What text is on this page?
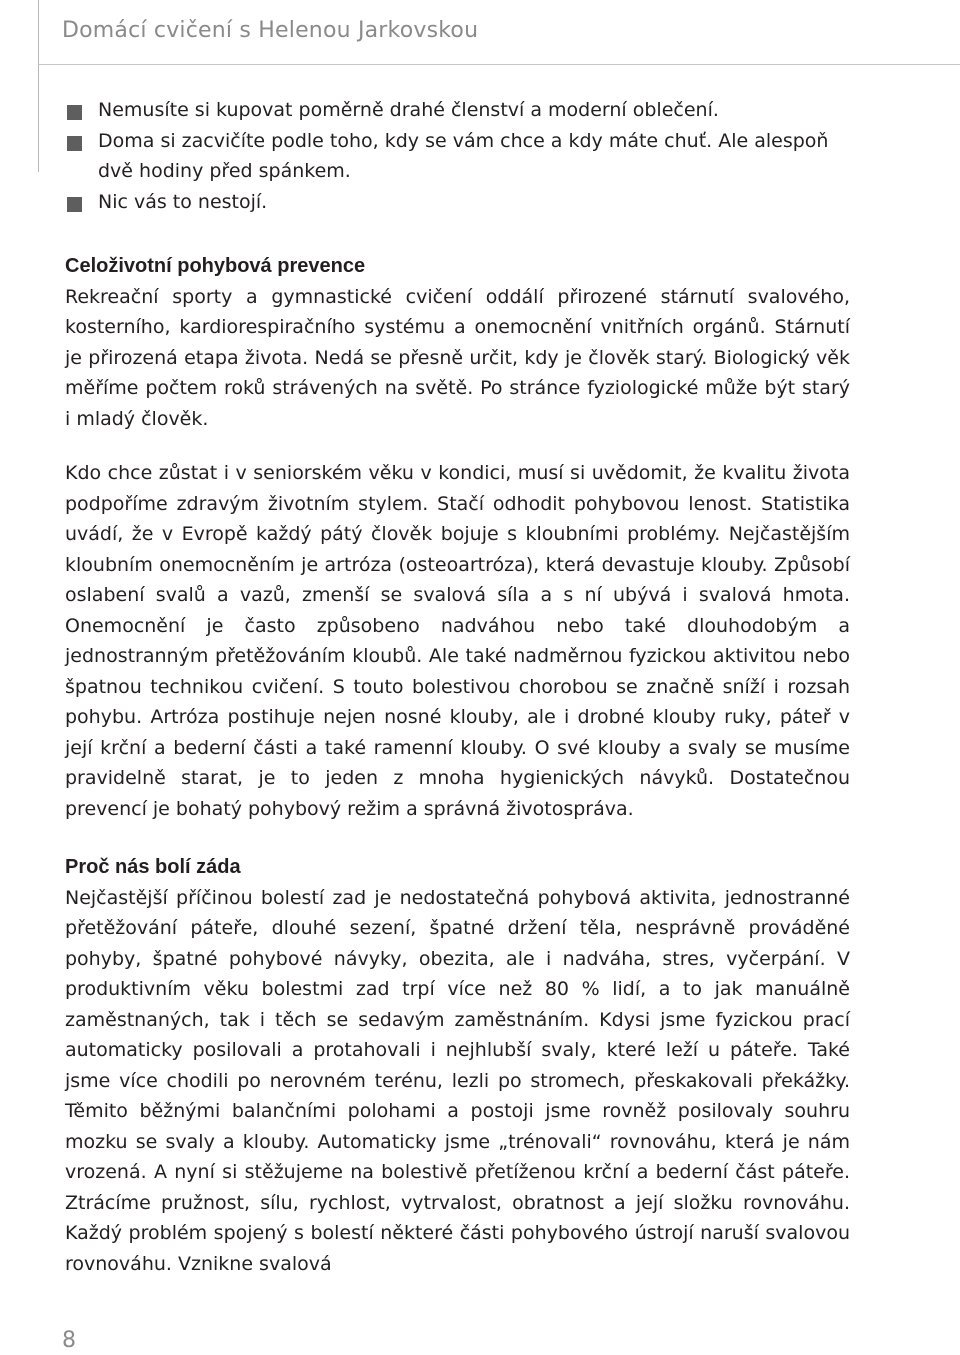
Domácí cvičení s Helenou Jarkovskou
Nemusíte si kupovat poměrně drahé členství a moderní oblečení.
Doma si zacvičíte podle toho, kdy se vám chce a kdy máte chuť. Ale alespoň dvě hodiny před spánkem.
Nic vás to nestojí.
Celoživotní pohybová prevence

Rekreační sporty a gymnastické cvičení oddálí přirozené stárnutí svalového, kosterního, kardiorespiračního systému a onemocnění vnitřních orgánů. Stárnutí je přirozená etapa života. Nedá se přesně určit, kdy je člověk starý. Biologický věk měříme počtem roků strávených na světě. Po stránce fyziologické může být starý i mladý člověk.

Kdo chce zůstat i v seniorském věku v kondici, musí si uvědomit, že kvalitu života podpoříme zdravým životním stylem. Stačí odhodit pohybovou lenost. Statistika uvádí, že v Evropě každý pátý člověk bojuje s kloubními problémy. Nejčastějším kloubním onemocněním je artróza (osteoartróza), která devastuje klouby. Způsobí oslabení svalů a vazů, zmenší se svalová síla a s ní ubývá i svalová hmota. Onemocnění je často způsobeno nadváhou nebo také dlouhodobým a jednostranným přetěžováním kloubů. Ale také nadměrnou fyzickou aktivitou nebo špatnou technikou cvičení. S touto bolestivou chorobou se značně sníží i rozsah pohybu. Artróza postihuje nejen nosné klouby, ale i drobné klouby ruky, páteř v její krční a bederní části a také ramenní klouby. O své klouby a svaly se musíme pravidelně starat, je to jeden z mnoha hygienických návyků. Dostatečnou prevencí je bohatý pohybový režim a správná životospráva.

Proč nás bolí záda

Nejčastější příčinou bolestí zad je nedostatečná pohybová aktivita, jednostranné přetěžování páteře, dlouhé sezení, špatné držení těla, nesprávně prováděné pohyby, špatné pohybové návyky, obezita, ale i nadváha, stres, vyčerpání. V produktivním věku bolestmi zad trpí více než 80 % lidí, a to jak manuálně zaměstnaných, tak i těch se sedavým zaměstnáním. Kdysi jsme fyzickou prací automaticky posilovali a protahovali i nejhlubší svaly, které leží u páteře. Také jsme více chodili po nerovném terénu, lezli po stromech, přeskakovali překážky. Těmito běžnými balančními polohami a postoji jsme rovněž posilovaly souhru mozku se svaly a klouby. Automaticky jsme „trénovali“ rovnováhu, která je nám vrozená. A nyní si stěžujeme na bolestivě přetíženou krční a bederní část páteře. Ztrácíme pružnost, sílu, rychlost, vytrvalost, obratnost a její složku rovnováhu. Každý problém spojený s bolestí některé části pohybového ústrojí naruší svalovou rovnováhu. Vznikne svalová

8
